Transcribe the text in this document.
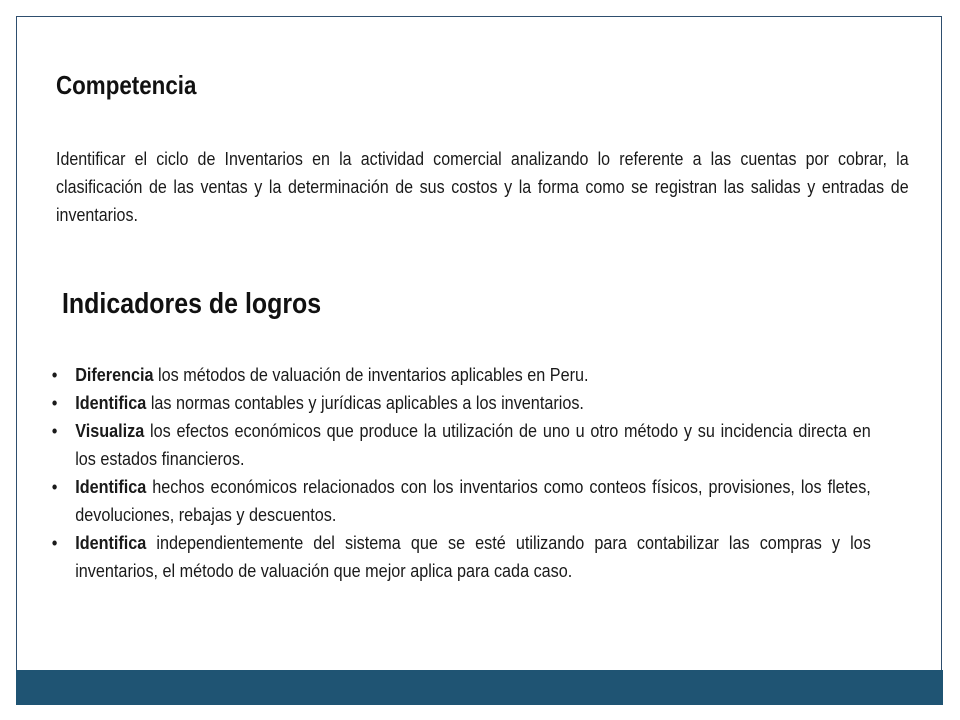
Competencia

Identificar el ciclo de Inventarios en la actividad comercial analizando lo referente a las cuentas por cobrar, la clasificación de las ventas y la determinación de sus costos y la forma como se registran las salidas y entradas de inventarios.

Indicadores de logros
• Diferencia los métodos de valuación de inventarios aplicables en Peru.
• Identifica las normas contables y jurídicas aplicables a los inventarios.
• Visualiza los efectos económicos que produce la utilización de uno u otro método y su incidencia directa en los estados financieros.
• Identifica hechos económicos relacionados con los inventarios como conteos físicos, provisiones, los fletes, devoluciones, rebajas y descuentos.
• Identifica independientemente del sistema que se esté utilizando para contabilizar las compras y los inventarios, el método de valuación que mejor aplica para cada caso.
